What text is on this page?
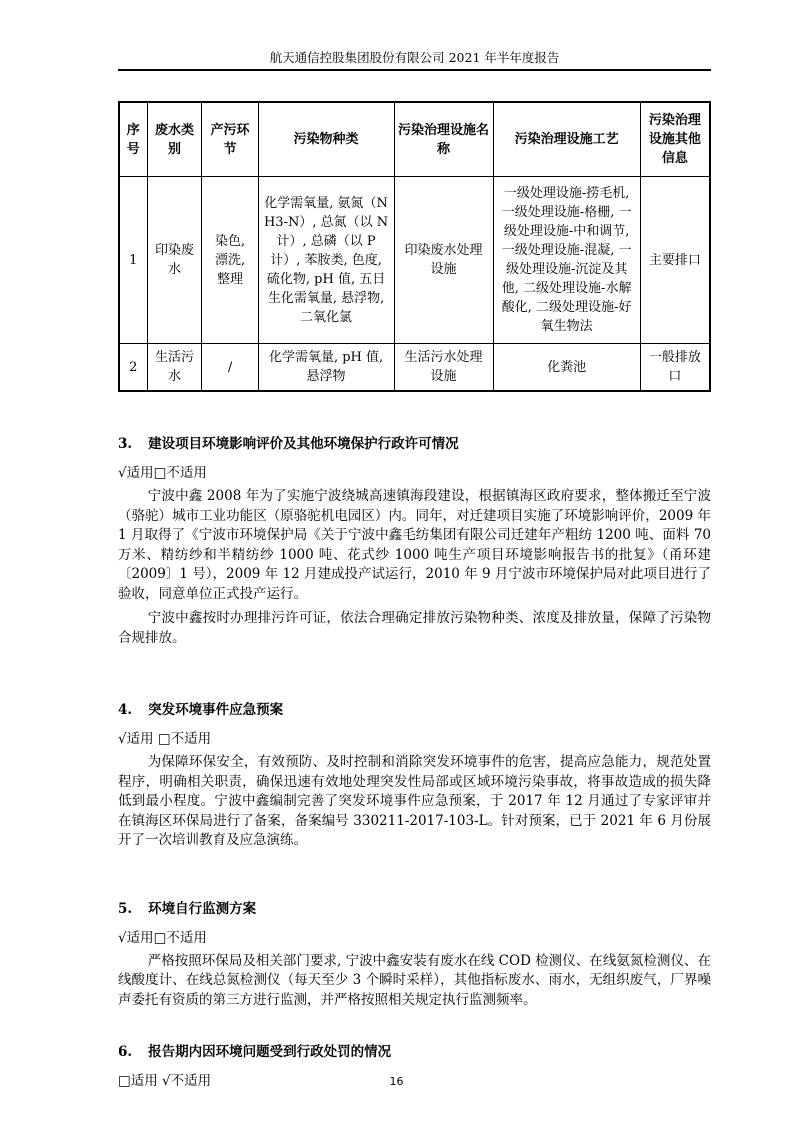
航天通信控股集团股份有限公司 2021 年半年度报告
序号	废水类别	产污环节	污染物种类	污染治理设施名称	污染治理设施工艺	污染治理设施其他信息
1	印染废水	染色, 漂洗, 整理	化学需氧量, 氨氮（NH3-N）, 总氮（以 N 计）, 总磷（以 P 计）, 苯胺类, 色度, 硫化物, pH 值, 五日生化需氧量, 悬浮物, 二氧化氯	印染废水处理设施	一级处理设施-捞毛机, 一级处理设施-格栅, 一级处理设施-中和调节, 一级处理设施-混凝, 一级处理设施-沉淀及其他, 二级处理设施-水解酸化, 二级处理设施-好氧生物法	主要排口
2	生活污水	/	化学需氧量, pH 值, 悬浮物	生活污水处理设施	化粪池	一般排放口
3. 建设项目环境影响评价及其他环境保护行政许可情况
√适用□不适用

宁波中鑫 2008 年为了实施宁波绕城高速镇海段建设，根据镇海区政府要求，整体搬迁至宁波（骆驼）城市工业功能区（原骆驼机电园区）内。同年，对迁建项目实施了环境影响评价，2009 年 1 月取得了《宁波市环境保护局《关于宁波中鑫毛纺集团有限公司迁建年产粗纺 1200 吨、面料 70 万米、精纺纱和半精纺纱 1000 吨、花式纱 1000 吨生产项目环境影响报告书的批复》（甬环建〔2009〕1 号），2009 年 12 月建成投产试运行，2010 年 9 月宁波市环境保护局对此项目进行了验收，同意单位正式投产运行。

宁波中鑫按时办理排污许可证，依法合理确定排放污染物种类、浓度及排放量，保障了污染物合规排放。

4. 突发环境事件应急预案
√适用 □不适用

为保障环保安全，有效预防、及时控制和消除突发环境事件的危害，提高应急能力，规范处置程序，明确相关职责，确保迅速有效地处理突发性局部或区域环境污染事故，将事故造成的损失降低到最小程度。宁波中鑫编制完善了突发环境事件应急预案，于 2017 年 12 月通过了专家评审并在镇海区环保局进行了备案，备案编号 330211-2017-103-L。针对预案，已于 2021 年 6 月份展开了一次培训教育及应急演练。

5. 环境自行监测方案
√适用□不适用

严格按照环保局及相关部门要求, 宁波中鑫安装有废水在线 COD 检测仪、在线氨氮检测仪、在线酸度计、在线总氮检测仪（每天至少 3 个瞬时采样），其他指标废水、雨水，无组织废气，厂界噪声委托有资质的第三方进行监测，并严格按照相关规定执行监测频率。

6. 报告期内因环境问题受到行政处罚的情况
□适用 √不适用	16
